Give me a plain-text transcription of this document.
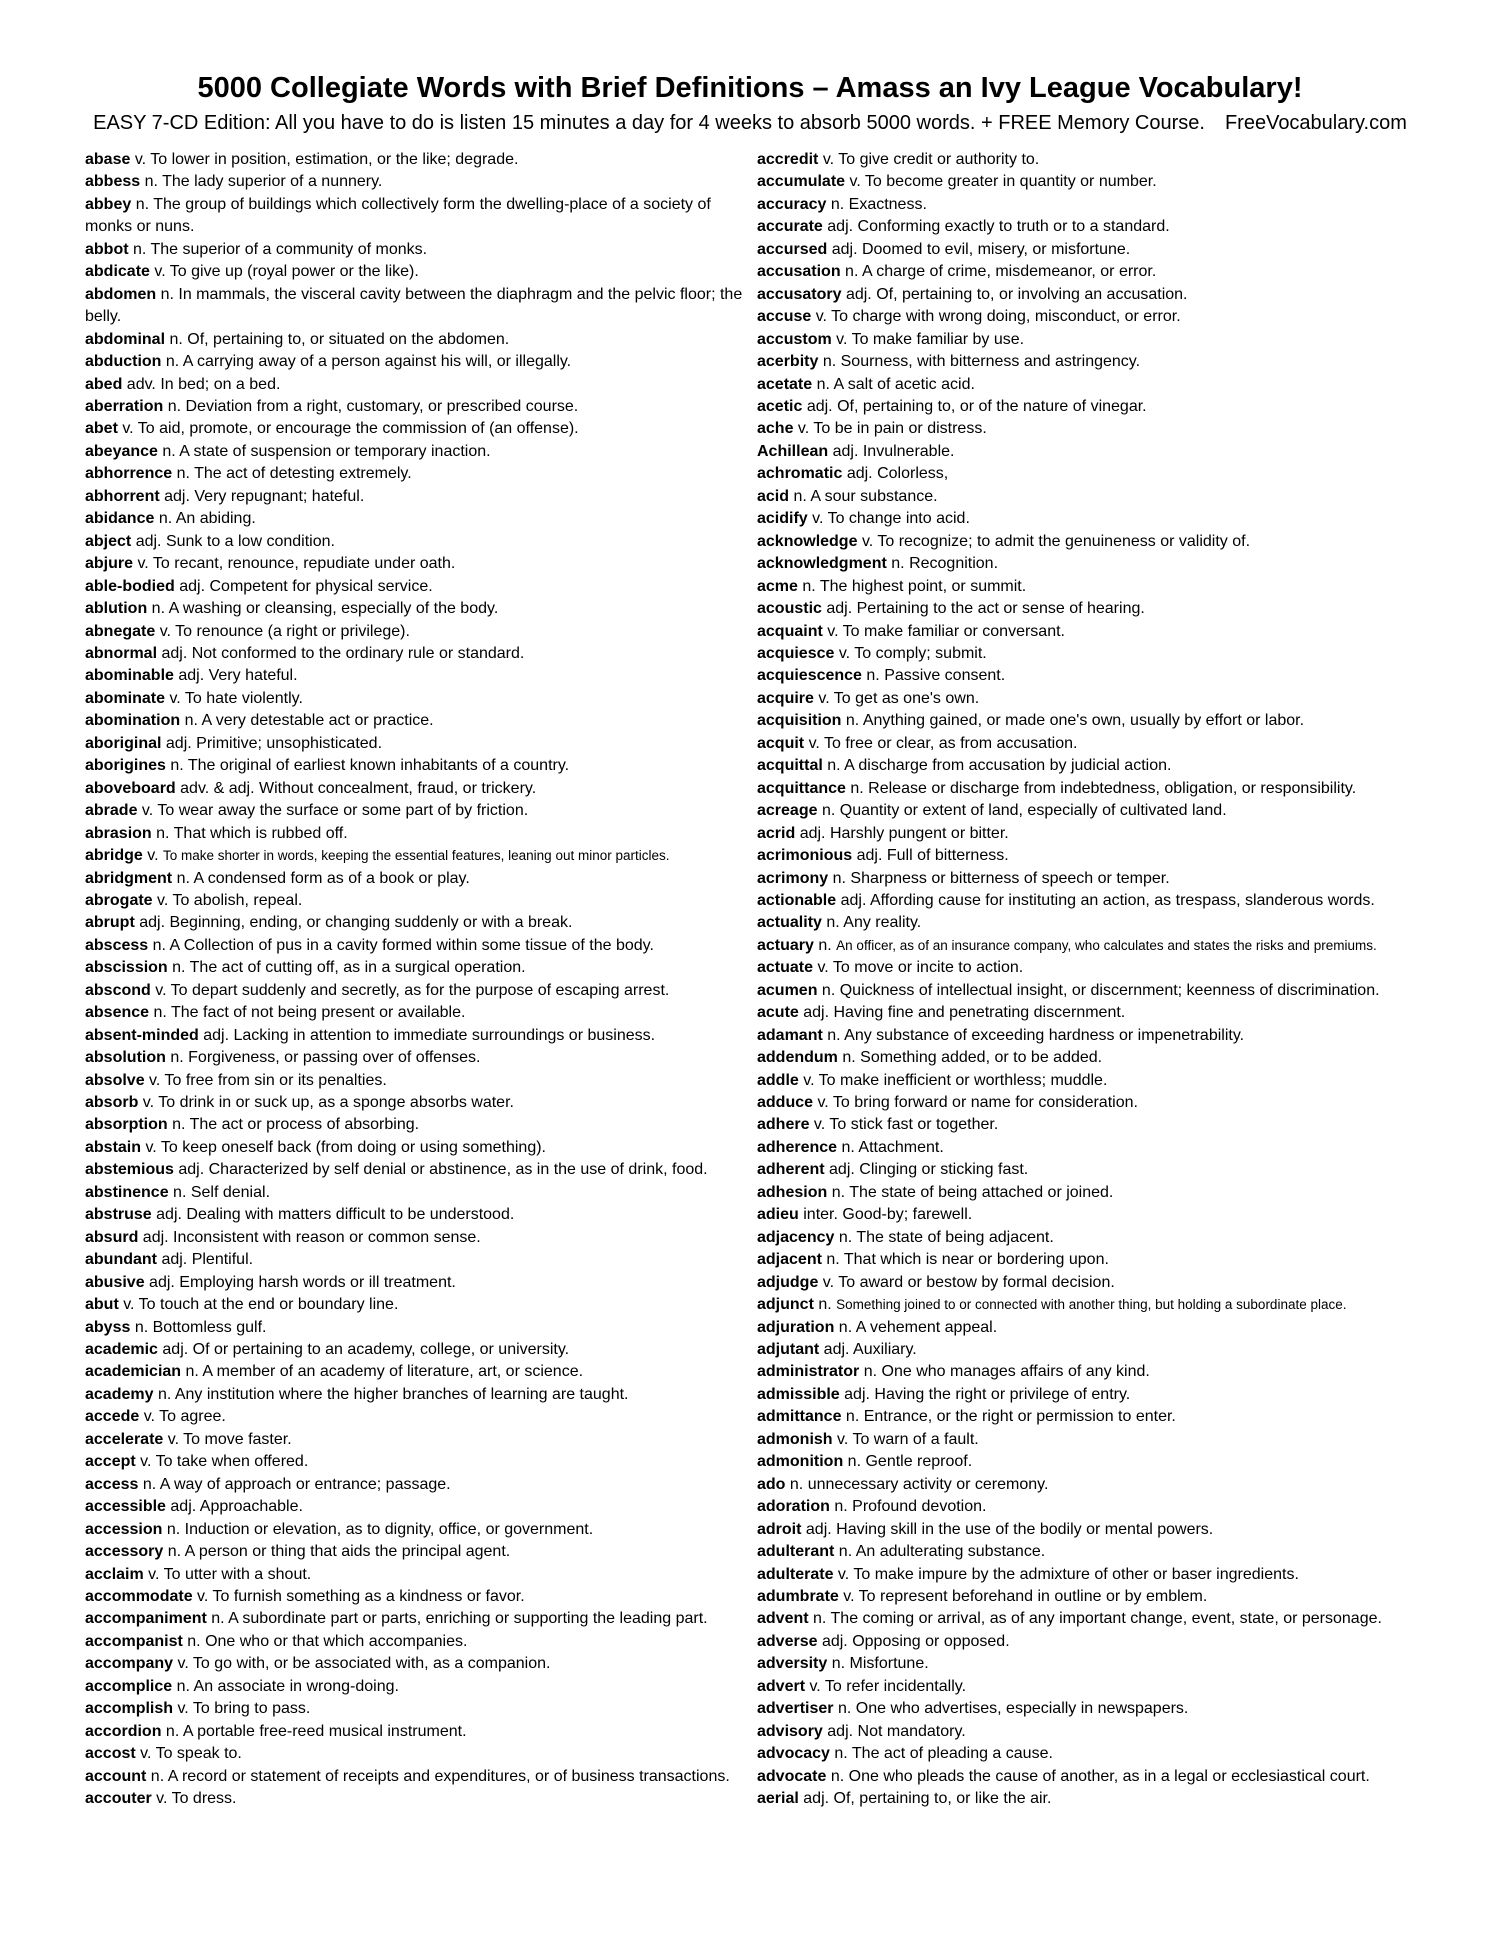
5000 Collegiate Words with Brief Definitions – Amass an Ivy League Vocabulary!
EASY 7-CD Edition: All you have to do is listen 15 minutes a day for 4 weeks to absorb 5000 words. + FREE Memory Course. FreeVocabulary.com
abase v. To lower in position, estimation, or the like; degrade.
abbess n. The lady superior of a nunnery.
abbey n. The group of buildings which collectively form the dwelling-place of a society of monks or nuns.
abbot n. The superior of a community of monks.
abdicate v. To give up (royal power or the like).
abdomen n. In mammals, the visceral cavity between the diaphragm and the pelvic floor; the belly.
abdominal n. Of, pertaining to, or situated on the abdomen.
abduction n. A carrying away of a person against his will, or illegally.
abed adv. In bed; on a bed.
aberration n. Deviation from a right, customary, or prescribed course.
abet v. To aid, promote, or encourage the commission of (an offense).
abeyance n. A state of suspension or temporary inaction.
abhorrence n. The act of detesting extremely.
abhorrent adj. Very repugnant; hateful.
abidance n. An abiding.
abject adj. Sunk to a low condition.
abjure v. To recant, renounce, repudiate under oath.
able-bodied adj. Competent for physical service.
ablution n. A washing or cleansing, especially of the body.
abnegate v. To renounce (a right or privilege).
abnormal adj. Not conformed to the ordinary rule or standard.
abominable adj. Very hateful.
abominate v. To hate violently.
abomination n. A very detestable act or practice.
aboriginal adj. Primitive; unsophisticated.
aborigines n. The original of earliest known inhabitants of a country.
aboveboard adv. & adj. Without concealment, fraud, or trickery.
abrade v. To wear away the surface or some part of by friction.
abrasion n. That which is rubbed off.
abridge v. To make shorter in words, keeping the essential features, leaning out minor particles.
abridgment n. A condensed form as of a book or play.
abrogate v. To abolish, repeal.
abrupt adj. Beginning, ending, or changing suddenly or with a break.
abscess n. A Collection of pus in a cavity formed within some tissue of the body.
abscission n. The act of cutting off, as in a surgical operation.
abscond v. To depart suddenly and secretly, as for the purpose of escaping arrest.
absence n. The fact of not being present or available.
absent-minded adj. Lacking in attention to immediate surroundings or business.
absolution n. Forgiveness, or passing over of offenses.
absolve v. To free from sin or its penalties.
absorb v. To drink in or suck up, as a sponge absorbs water.
absorption n. The act or process of absorbing.
abstain v. To keep oneself back (from doing or using something).
abstemious adj. Characterized by self denial or abstinence, as in the use of drink, food.
abstinence n. Self denial.
abstruse adj. Dealing with matters difficult to be understood.
absurd adj. Inconsistent with reason or common sense.
abundant adj. Plentiful.
abusive adj. Employing harsh words or ill treatment.
abut v. To touch at the end or boundary line.
abyss n. Bottomless gulf.
academic adj. Of or pertaining to an academy, college, or university.
academician n. A member of an academy of literature, art, or science.
academy n. Any institution where the higher branches of learning are taught.
accede v. To agree.
accelerate v. To move faster.
accept v. To take when offered.
access n. A way of approach or entrance; passage.
accessible adj. Approachable.
accession n. Induction or elevation, as to dignity, office, or government.
accessory n. A person or thing that aids the principal agent.
acclaim v. To utter with a shout.
accommodate v. To furnish something as a kindness or favor.
accompaniment n. A subordinate part or parts, enriching or supporting the leading part.
accompanist n. One who or that which accompanies.
accompany v. To go with, or be associated with, as a companion.
accomplice n. An associate in wrong-doing.
accomplish v. To bring to pass.
accordion n. A portable free-reed musical instrument.
accost v. To speak to.
account n. A record or statement of receipts and expenditures, or of business transactions.
accouter v. To dress.
accredit v. To give credit or authority to.
accumulate v. To become greater in quantity or number.
accuracy n. Exactness.
accurate adj. Conforming exactly to truth or to a standard.
accursed adj. Doomed to evil, misery, or misfortune.
accusation n. A charge of crime, misdemeanor, or error.
accusatory adj. Of, pertaining to, or involving an accusation.
accuse v. To charge with wrong doing, misconduct, or error.
accustom v. To make familiar by use.
acerbity n. Sourness, with bitterness and astringency.
acetate n. A salt of acetic acid.
acetic adj. Of, pertaining to, or of the nature of vinegar.
ache v. To be in pain or distress.
Achillean adj. Invulnerable.
achromatic adj. Colorless,
acid n. A sour substance.
acidify v. To change into acid.
acknowledge v. To recognize; to admit the genuineness or validity of.
acknowledgment n. Recognition.
acme n. The highest point, or summit.
acoustic adj. Pertaining to the act or sense of hearing.
acquaint v. To make familiar or conversant.
acquiesce v. To comply; submit.
acquiescence n. Passive consent.
acquire v. To get as one's own.
acquisition n. Anything gained, or made one's own, usually by effort or labor.
acquit v. To free or clear, as from accusation.
acquittal n. A discharge from accusation by judicial action.
acquittance n. Release or discharge from indebtedness, obligation, or responsibility.
acreage n. Quantity or extent of land, especially of cultivated land.
acrid adj. Harshly pungent or bitter.
acrimonious adj. Full of bitterness.
acrimony n. Sharpness or bitterness of speech or temper.
actionable adj. Affording cause for instituting an action, as trespass, slanderous words.
actuality n. Any reality.
actuary n. An officer, as of an insurance company, who calculates and states the risks and premiums.
actuate v. To move or incite to action.
acumen n. Quickness of intellectual insight, or discernment; keenness of discrimination.
acute adj. Having fine and penetrating discernment.
adamant n. Any substance of exceeding hardness or impenetrability.
addendum n. Something added, or to be added.
addle v. To make inefficient or worthless; muddle.
adduce v. To bring forward or name for consideration.
adhere v. To stick fast or together.
adherence n. Attachment.
adherent adj. Clinging or sticking fast.
adhesion n. The state of being attached or joined.
adieu inter. Good-by; farewell.
adjacency n. The state of being adjacent.
adjacent n. That which is near or bordering upon.
adjudge v. To award or bestow by formal decision.
adjunct n. Something joined to or connected with another thing, but holding a subordinate place.
adjuration n. A vehement appeal.
adjutant adj. Auxiliary.
administrator n. One who manages affairs of any kind.
admissible adj. Having the right or privilege of entry.
admittance n. Entrance, or the right or permission to enter.
admonish v. To warn of a fault.
admonition n. Gentle reproof.
ado n. unnecessary activity or ceremony.
adoration n. Profound devotion.
adroit adj. Having skill in the use of the bodily or mental powers.
adulterant n. An adulterating substance.
adulterate v. To make impure by the admixture of other or baser ingredients.
adumbrate v. To represent beforehand in outline or by emblem.
advent n. The coming or arrival, as of any important change, event, state, or personage.
adverse adj. Opposing or opposed.
adversity n. Misfortune.
advert v. To refer incidentally.
advertiser n. One who advertises, especially in newspapers.
advisory adj. Not mandatory.
advocacy n. The act of pleading a cause.
advocate n. One who pleads the cause of another, as in a legal or ecclesiastical court.
aerial adj. Of, pertaining to, or like the air.
